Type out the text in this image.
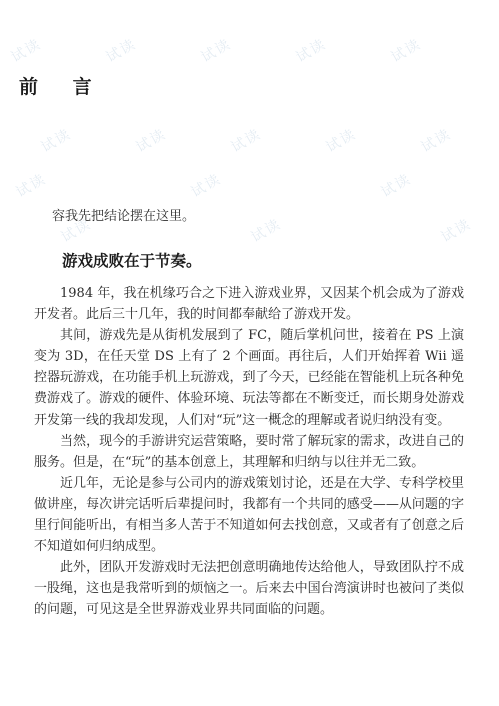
试读	试读	试读	试读	试读
试读	试读	试读	试读	试读
试读	试读	试读
试读	试读	试读
前 言
容我先把结论摆在这里。
游戏成败在于节奏。

1984 年，我在机缘巧合之下进入游戏业界，又因某个机会成为了游戏开发者。此后三十几年，我的时间都奉献给了游戏开发。

其间，游戏先是从街机发展到了 FC，随后掌机问世，接着在 PS 上演变为 3D，在任天堂 DS 上有了 2 个画面。再往后，人们开始挥着 Wii 遥控器玩游戏，在功能手机上玩游戏，到了今天，已经能在智能机上玩各种免费游戏了。游戏的硬件、体验环境、玩法等都在不断变迁，而长期身处游戏开发第一线的我却发现，人们对“玩”这一概念的理解或者说归纳没有变。

当然，现今的手游讲究运营策略，要时常了解玩家的需求，改进自己的服务。但是，在“玩”的基本创意上，其理解和归纳与以往并无二致。

近几年，无论是参与公司内的游戏策划讨论，还是在大学、专科学校里做讲座，每次讲完话听后辈提问时，我都有一个共同的感受——从问题的字里行间能听出，有相当多人苦于不知道如何去找创意，又或者有了创意之后不知道如何归纳成型。

此外，团队开发游戏时无法把创意明确地传达给他人，导致团队拧不成一股绳，这也是我常听到的烦恼之一。后来去中国台湾演讲时也被问了类似的问题，可见这是全世界游戏业界共同面临的问题。
